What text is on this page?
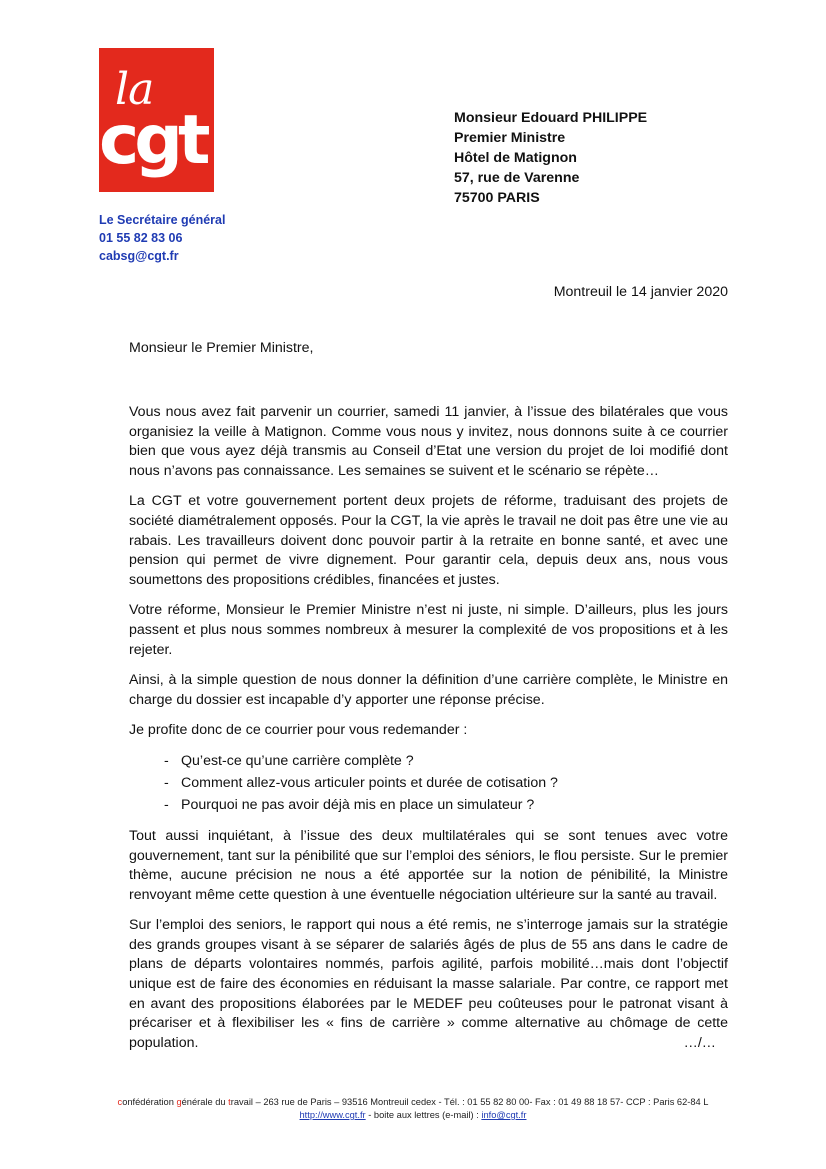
la
cgt
Le Secrétaire général
01 55 82 83 06
cabsg@cgt.fr
Monsieur Edouard PHILIPPE
Premier Ministre
Hôtel de Matignon
57, rue de Varenne
75700 PARIS
Montreuil le 14 janvier 2020
Monsieur le Premier Ministre,

Vous nous avez fait parvenir un courrier, samedi 11 janvier, à l’issue des bilatérales que vous organisiez la veille à Matignon. Comme vous nous y invitez, nous donnons suite à ce courrier bien que vous ayez déjà transmis au Conseil d’Etat une version du projet de loi modifié dont nous n’avons pas connaissance. Les semaines se suivent et le scénario se répète…

La CGT et votre gouvernement portent deux projets de réforme, traduisant des projets de société diamétralement opposés. Pour la CGT, la vie après le travail ne doit pas être une vie au rabais. Les travailleurs doivent donc pouvoir partir à la retraite en bonne santé, et avec une pension qui permet de vivre dignement. Pour garantir cela, depuis deux ans, nous vous soumettons des propositions crédibles, financées et justes.

Votre réforme, Monsieur le Premier Ministre n’est ni juste, ni simple. D’ailleurs, plus les jours passent et plus nous sommes nombreux à mesurer la complexité de vos propositions et à les rejeter.

Ainsi, à la simple question de nous donner la définition d’une carrière complète, le Ministre en charge du dossier est incapable d’y apporter une réponse précise.

Je profite donc de ce courrier pour vous redemander :

- Qu’est-ce qu’une carrière complète ?
- Comment allez-vous articuler points et durée de cotisation ?
- Pourquoi ne pas avoir déjà mis en place un simulateur ?

Tout aussi inquiétant, à l’issue des deux multilatérales qui se sont tenues avec votre gouvernement, tant sur la pénibilité que sur l’emploi des séniors, le flou persiste. Sur le premier thème, aucune précision ne nous a été apportée sur la notion de pénibilité, la Ministre renvoyant même cette question à une éventuelle négociation ultérieure sur la santé au travail.

Sur l’emploi des seniors, le rapport qui nous a été remis, ne s’interroge jamais sur la stratégie des grands groupes visant à se séparer de salariés âgés de plus de 55 ans dans le cadre de plans de départs volontaires nommés, parfois agilité, parfois mobilité…mais dont l’objectif unique est de faire des économies en réduisant la masse salariale. Par contre, ce rapport met en avant des propositions élaborées par le MEDEF peu coûteuses pour le patronat visant à précariser et à flexibiliser les « fins de carrière » comme alternative au chômage de cette population.	…/…

confédération générale du travail – 263 rue de Paris – 93516 Montreuil cedex - Tél. : 01 55 82 80 00- Fax : 01 49 88 18 57- CCP : Paris 62-84 L
http://www.cgt.fr - boite aux lettres (e-mail) : info@cgt.fr
